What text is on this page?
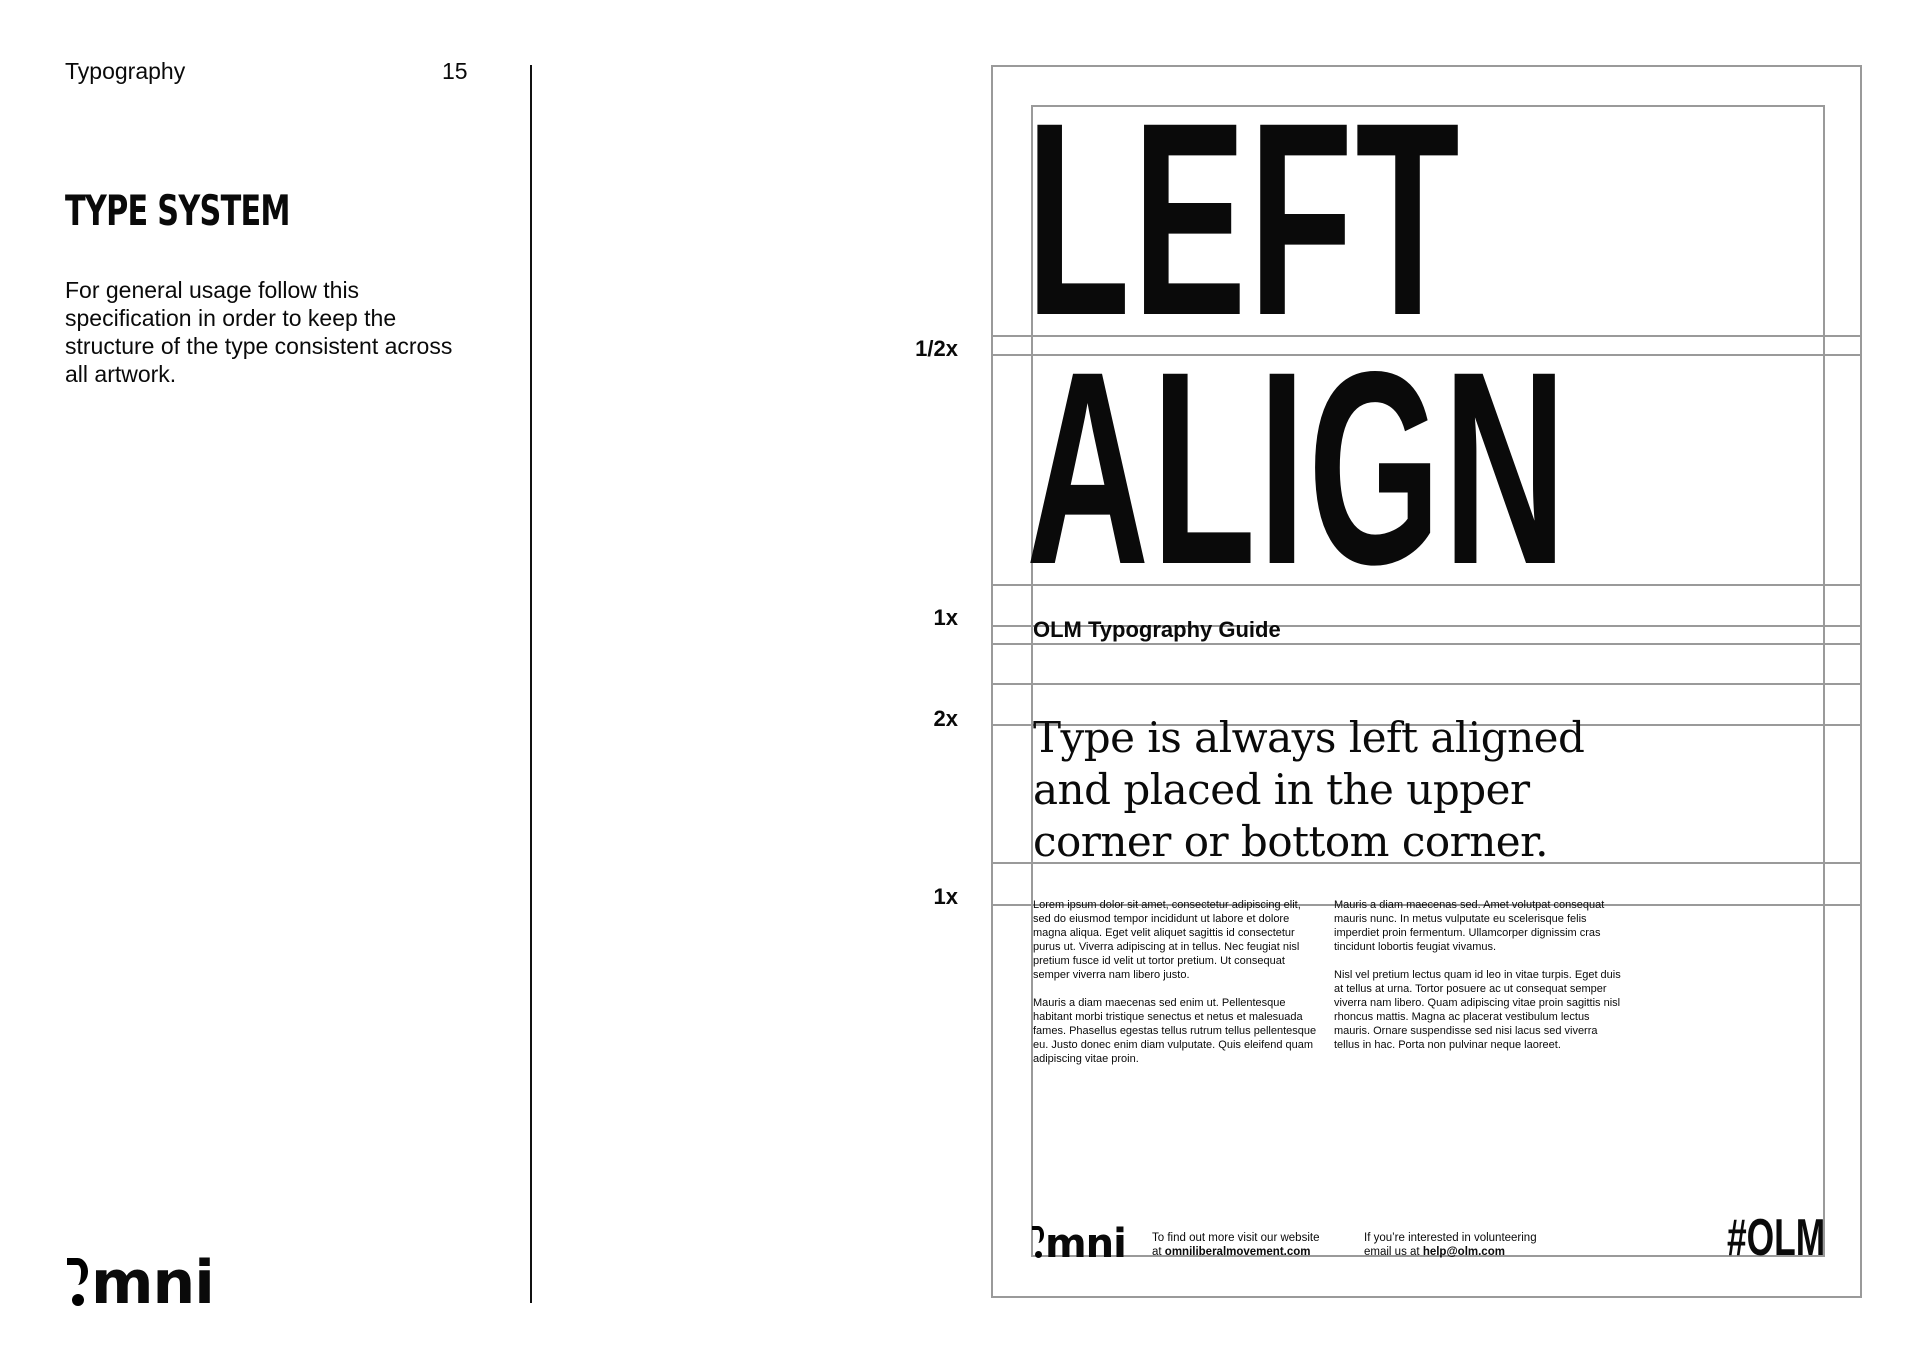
Typography	15
TYPE SYSTEM
For general usage follow this specification in order to keep the structure of the type consistent across all artwork.
mni
1/2x
1x
2x
1x
LEFT
ALIGN
OLM Typography Guide
Type is always left aligned and placed in the upper corner or bottom corner.

Lorem ipsum dolor sit amet, consectetur adipiscing elit, sed do eiusmod tempor incididunt ut labore et dolore magna aliqua. Eget velit aliquet sagittis id consectetur purus ut. Viverra adipiscing at in tellus. Nec feugiat nisl pretium fusce id velit ut tortor pretium. Ut consequat semper viverra nam libero justo.

Mauris a diam maecenas sed enim ut. Pellentesque habitant morbi tristique senectus et netus et malesuada fames. Phasellus egestas tellus rutrum tellus pellentesque eu. Justo donec enim diam vulputate. Quis eleifend quam adipiscing vitae proin.

Mauris a diam maecenas sed. Amet volutpat consequat mauris nunc. In metus vulputate eu scelerisque felis imperdiet proin fermentum. Ullamcorper dignissim cras tincidunt lobortis feugiat vivamus.

Nisl vel pretium lectus quam id leo in vitae turpis. Eget duis at tellus at urna. Tortor posuere ac ut consequat semper viverra nam libero. Quam adipiscing vitae proin sagittis nisl rhoncus mattis. Magna ac placerat vestibulum lectus mauris. Ornare suspendisse sed nisi lacus sed viverra tellus in hac. Porta non pulvinar neque laoreet.

mni To find out more visit our website
at omniliberalmovement.com
If you’re interested in volunteering
email us at help@olm.com	#OLM
